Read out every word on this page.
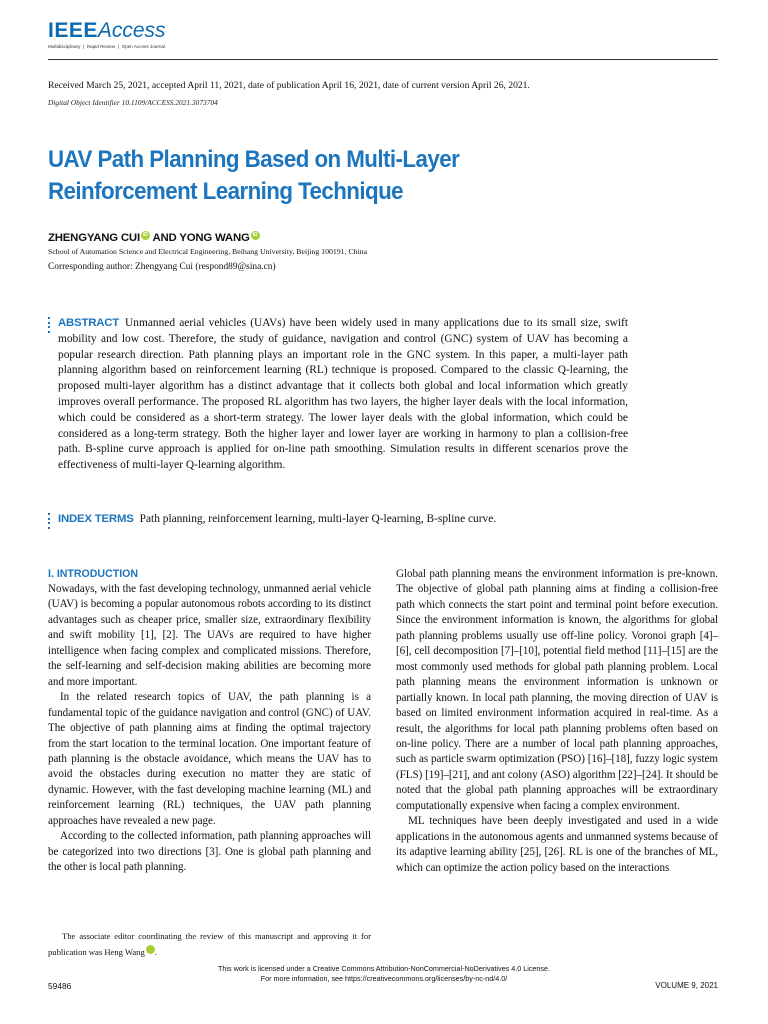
IEEEAccess
Multidisciplinary ❘ Rapid Review ❘ Open Access Journal
Received March 25, 2021, accepted April 11, 2021, date of publication April 16, 2021, date of current version April 26, 2021.
Digital Object Identifier 10.1109/ACCESS.2021.3073704
UAV Path Planning Based on Multi-Layer Reinforcement Learning Technique
ZHENGYANG CUI iD AND YONG WANG iD
School of Automation Science and Electrical Engineering, Beihang University, Beijing 100191, China
Corresponding author: Zhengyang Cui (respond89@sina.cn)
ABSTRACT Unmanned aerial vehicles (UAVs) have been widely used in many applications due to its small size, swift mobility and low cost. Therefore, the study of guidance, navigation and control (GNC) system of UAV has becoming a popular research direction. Path planning plays an important role in the GNC system. In this paper, a multi-layer path planning algorithm based on reinforcement learning (RL) technique is proposed. Compared to the classic Q-learning, the proposed multi-layer algorithm has a distinct advantage that it collects both global and local information which greatly improves overall performance. The proposed RL algorithm has two layers, the higher layer deals with the local information, which could be considered as a short-term strategy. The lower layer deals with the global information, which could be considered as a long-term strategy. Both the higher layer and lower layer are working in harmony to plan a collision-free path. B-spline curve approach is applied for on-line path smoothing. Simulation results in different scenarios prove the effectiveness of multi-layer Q-learning algorithm.
INDEX TERMS Path planning, reinforcement learning, multi-layer Q-learning, B-spline curve.
I. INTRODUCTION

Nowadays, with the fast developing technology, unmanned aerial vehicle (UAV) is becoming a popular autonomous robots according to its distinct advantages such as cheaper price, smaller size, extraordinary flexibility and swift mobility [1], [2]. The UAVs are required to have higher intelligence when facing complex and complicated missions. Therefore, the self-learning and self-decision making abilities are becoming more and more important.

In the related research topics of UAV, the path planning is a fundamental topic of the guidance navigation and control (GNC) of UAV. The objective of path planning aims at finding the optimal trajectory from the start location to the terminal location. One important feature of path planning is the obstacle avoidance, which means the UAV has to avoid the obstacles during execution no matter they are static of dynamic. However, with the fast developing machine learning (ML) and reinforcement learning (RL) techniques, the UAV path planning approaches have revealed a new page.

According to the collected information, path planning approaches will be categorized into two directions [3]. One is global path planning and the other is local path planning.

The associate editor coordinating the review of this manuscript and approving it for publication was Heng Wang	iD.

Global path planning means the environment information is pre-known. The objective of global path planning aims at finding a collision-free path which connects the start point and terminal point before execution. Since the environment information is known, the algorithms for global path planning problems usually use off-line policy. Voronoi graph [4]–[6], cell decomposition [7]–[10], potential field method [11]–[15] are the most commonly used methods for global path planning problem. Local path planning means the environment information is unknown or partially known. In local path planning, the moving direction of UAV is based on limited environment information acquired in real-time. As a result, the algorithms for local path planning problems often based on on-line policy. There are a number of local path planning approaches, such as particle swarm optimization (PSO) [16]–[18], fuzzy logic system (FLS) [19]–[21], and ant colony (ASO) algorithm [22]–[24]. It should be noted that the global path planning approaches will be extraordinary computationally expensive when facing a complex environment.

ML techniques have been deeply investigated and used in a wide applications in the autonomous agents and unmanned systems because of its adaptive learning ability [25], [26]. RL is one of the branches of ML, which can optimize the action policy based on the interactions

This work is licensed under a Creative Commons Attribution-NonCommercial-NoDerivatives 4.0 License.
For more information, see https://creativecommons.org/licenses/by-nc-nd/4.0/
59486	VOLUME 9, 2021
